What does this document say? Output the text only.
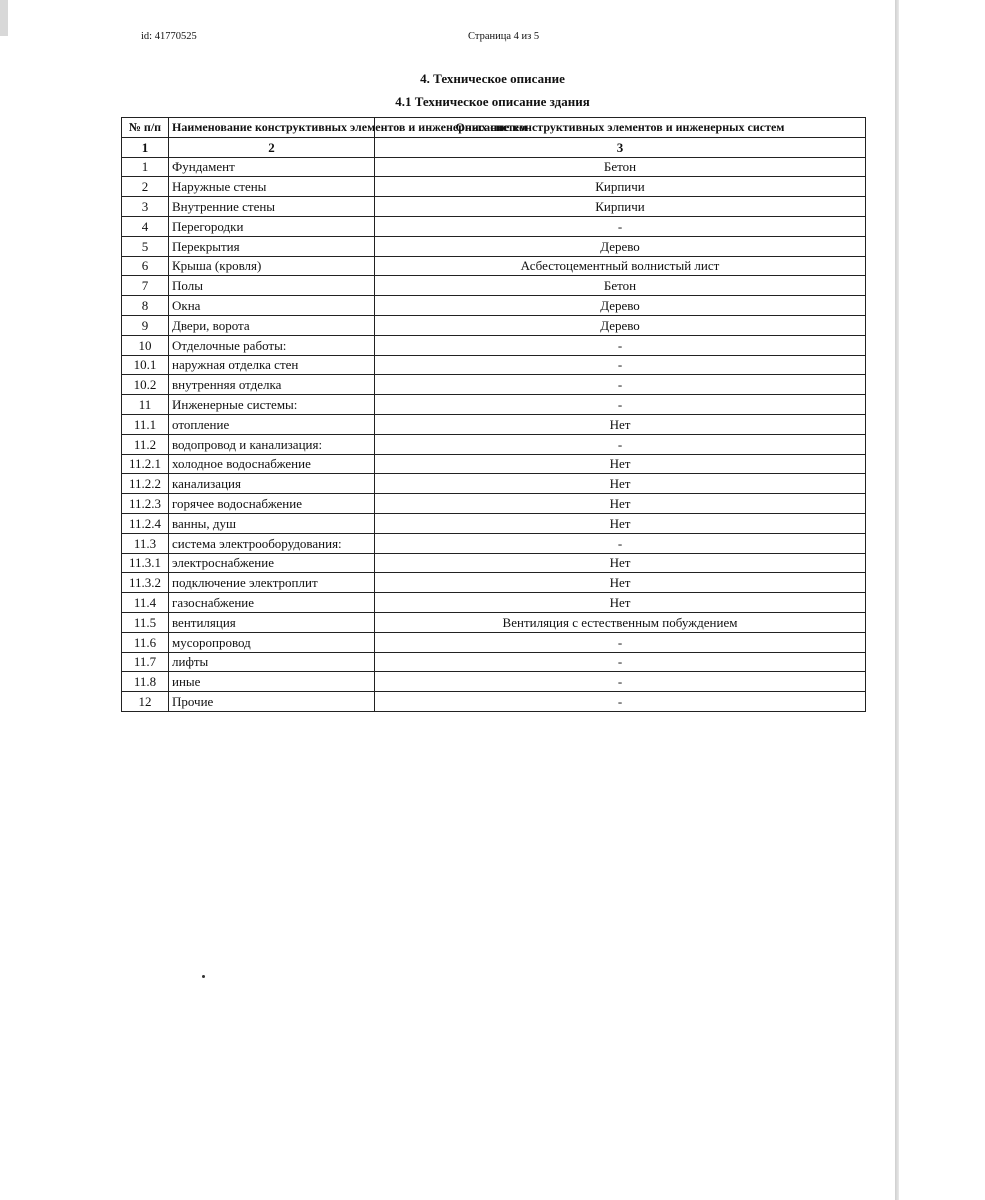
id: 41770525	Страница 4 из 5
4. Техническое описание
4.1 Техническое описание здания
№ п/п	Наименование конструктивных элементов и инженерных систем	Описание конструктивных элементов и инженерных систем
1	2	3
1	Фундамент	Бетон
2	Наружные стены	Кирпичи
3	Внутренние стены	Кирпичи
4	Перегородки	-
5	Перекрытия	Дерево
6	Крыша (кровля)	Асбестоцементный волнистый лист
7	Полы	Бетон
8	Окна	Дерево
9	Двери, ворота	Дерево
10	Отделочные работы:	-
10.1	наружная отделка стен	-
10.2	внутренняя отделка	-
11	Инженерные системы:	-
11.1	отопление	Нет
11.2	водопровод и канализация:	-
11.2.1	холодное водоснабжение	Нет
11.2.2	канализация	Нет
11.2.3	горячее водоснабжение	Нет
11.2.4	ванны, душ	Нет
11.3	система электрооборудования:	-
11.3.1	электроснабжение	Нет
11.3.2	подключение электроплит	Нет
11.4	газоснабжение	Нет
11.5	вентиляция	Вентиляция с естественным побуждением
11.6	мусоропровод	-
11.7	лифты	-
11.8	иные	-
12	Прочие	-
